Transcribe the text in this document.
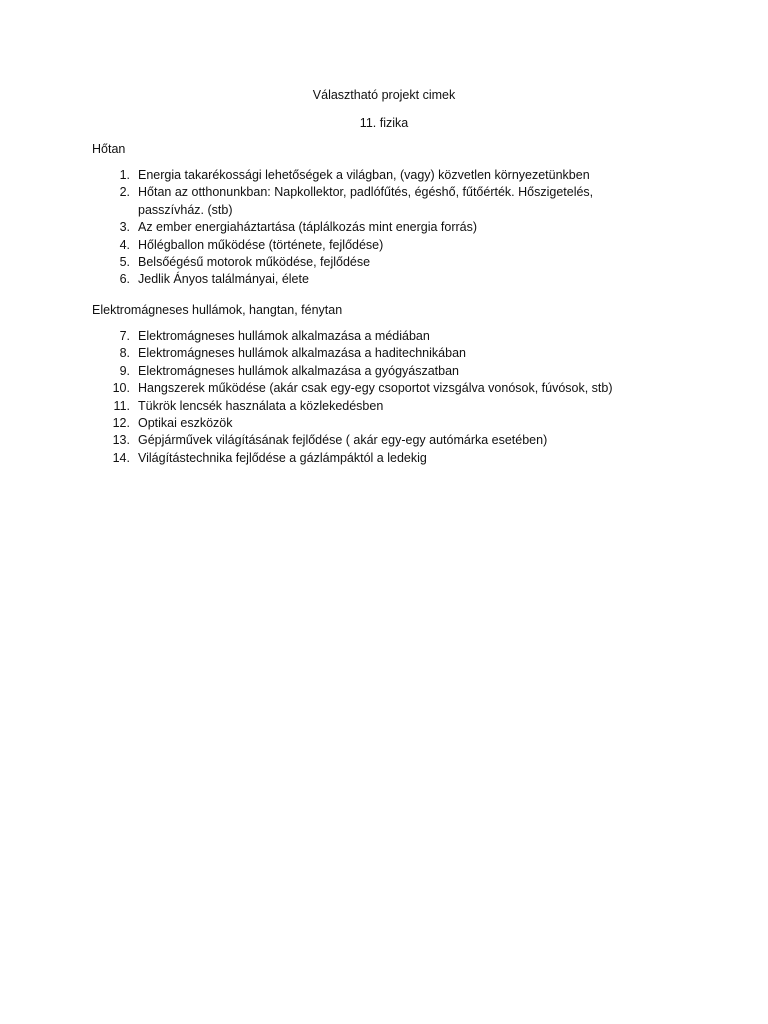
Választható projekt cimek
11. fizika
Hőtan
1. Energia takarékossági lehetőségek a világban, (vagy) közvetlen környezetünkben
2. Hőtan az otthonunkban: Napkollektor, padlófűtés, égéshő, fűtőérték. Hőszigetelés, passzívház. (stb)
3. Az ember energiaháztartása (táplálkozás mint energia forrás)
4. Hőlégballon működése (története, fejlődése)
5. Belsőégésű motorok működése, fejlődése
6. Jedlik Ányos találmányai, élete
Elektromágneses hullámok, hangtan, fénytan
7. Elektromágneses hullámok alkalmazása a médiában
8. Elektromágneses hullámok alkalmazása a haditechnikában
9. Elektromágneses hullámok alkalmazása a gyógyászatban
10. Hangszerek működése (akár csak egy-egy csoportot vizsgálva vonósok, fúvósok, stb)
11. Tükrök lencsék használata a közlekedésben
12. Optikai eszközök
13. Gépjárművek világításának fejlődése ( akár egy-egy autómárka esetében)
14. Világítástechnika fejlődése a gázlámpáktól a ledekig
